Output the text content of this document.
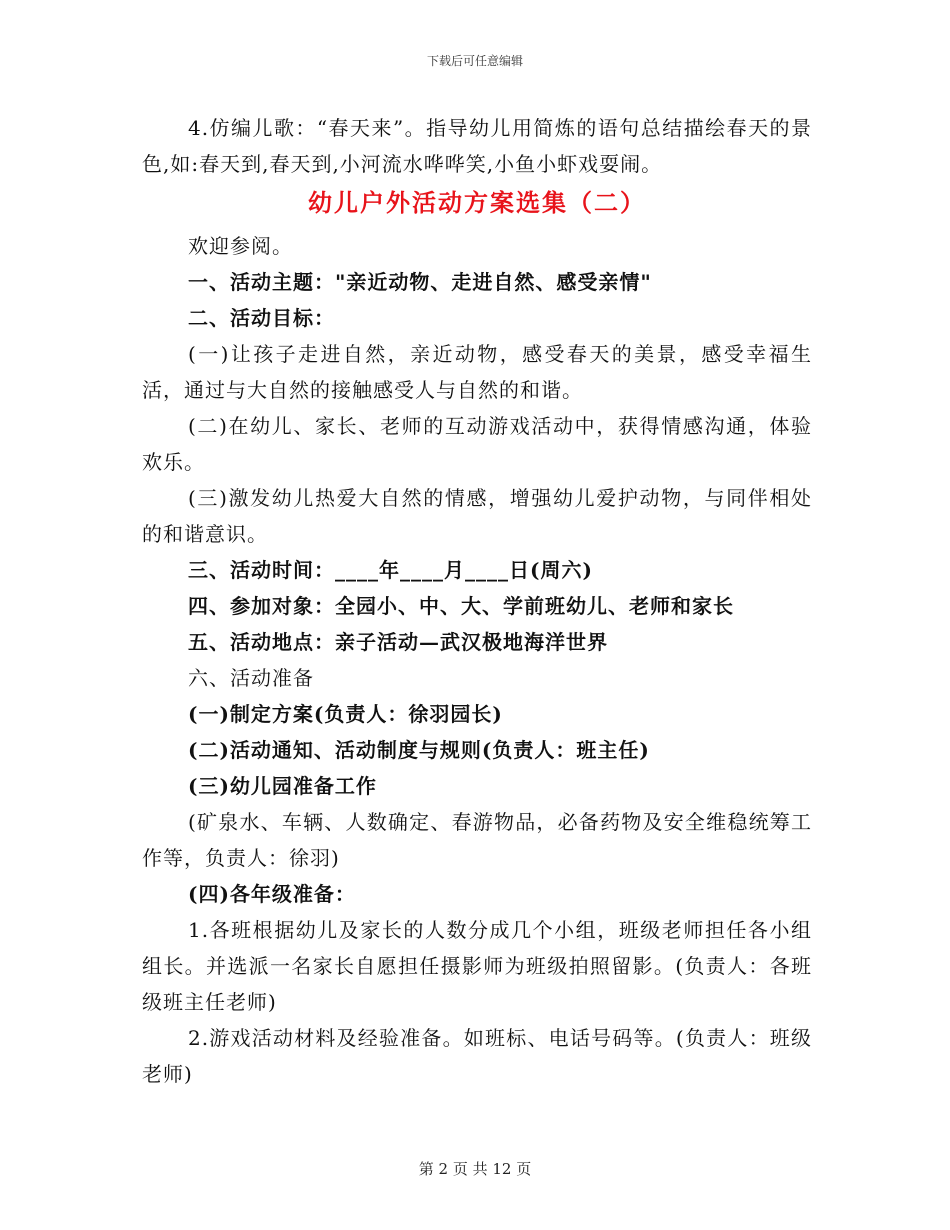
下载后可任意编辑

4.仿编儿歌：“春天来”。指导幼儿用简炼的语句总结描绘春天的景色,如:春天到,春天到,小河流水哗哗笑,小鱼小虾戏耍闹。

幼儿户外活动方案选集（二）

欢迎参阅。

一、活动主题："亲近动物、走进自然、感受亲情"

二、活动目标：

(一)让孩子走进自然，亲近动物，感受春天的美景，感受幸福生活，通过与大自然的接触感受人与自然的和谐。

(二)在幼儿、家长、老师的互动游戏活动中，获得情感沟通，体验欢乐。

(三)激发幼儿热爱大自然的情感，增强幼儿爱护动物，与同伴相处的和谐意识。

三、活动时间：____年____月____日(周六)

四、参加对象：全园小、中、大、学前班幼儿、老师和家长

五、活动地点：亲子活动—武汉极地海洋世界

六、活动准备

(一)制定方案(负责人：徐羽园长)

(二)活动通知、活动制度与规则(负责人：班主任)

(三)幼儿园准备工作

(矿泉水、车辆、人数确定、春游物品，必备药物及安全维稳统筹工作等，负责人：徐羽)

(四)各年级准备：

1.各班根据幼儿及家长的人数分成几个小组，班级老师担任各小组组长。并选派一名家长自愿担任摄影师为班级拍照留影。(负责人：各班级班主任老师)

2.游戏活动材料及经验准备。如班标、电话号码等。(负责人：班级老师)

第 2 页 共 12 页
